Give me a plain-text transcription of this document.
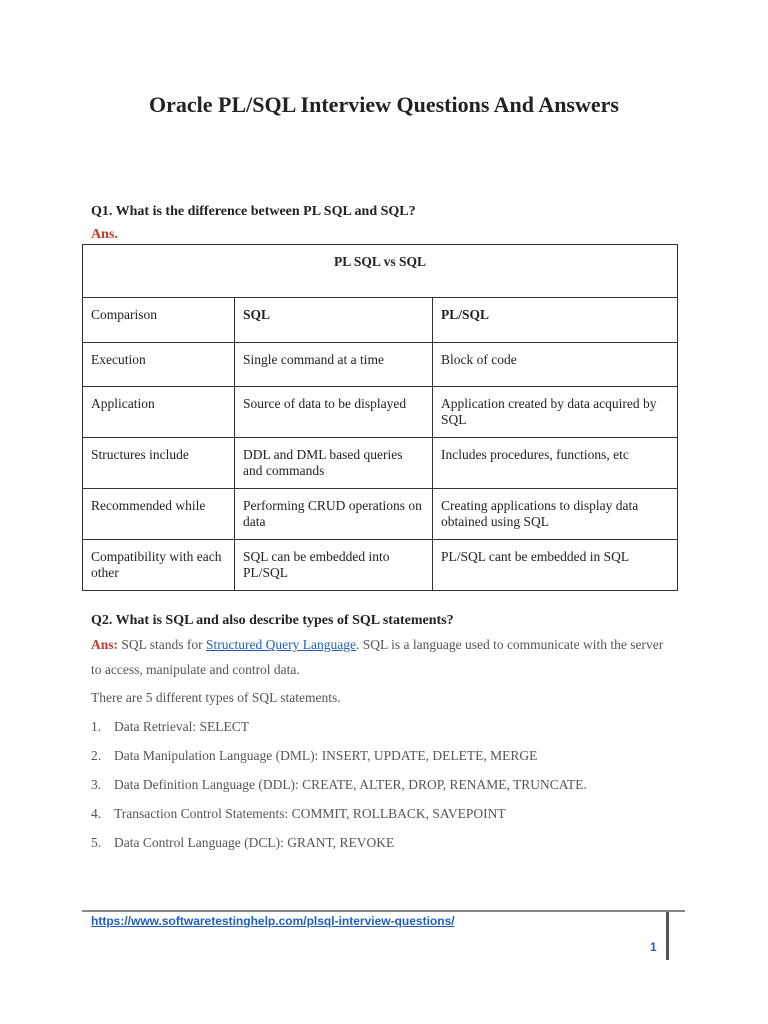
Oracle PL/SQL Interview Questions And Answers
Q1. What is the difference between PL SQL and SQL?
Ans.
PL SQL vs SQL		
Comparison	SQL	PL/SQL
Execution	Single command at a time	Block of code
Application	Source of data to be displayed	Application created by data acquired by SQL
Structures include	DDL and DML based queries and commands	Includes procedures, functions, etc
Recommended while	Performing CRUD operations on data	Creating applications to display data obtained using SQL
Compatibility with each other	SQL can be embedded into PL/SQL	PL/SQL cant be embedded in SQL
Q2. What is SQL and also describe types of SQL statements?
Ans: SQL stands for Structured Query Language. SQL is a language used to communicate with the server
to access, manipulate and control data.
There are 5 different types of SQL statements.
1. Data Retrieval: SELECT
2. Data Manipulation Language (DML): INSERT, UPDATE, DELETE, MERGE
3. Data Definition Language (DDL): CREATE, ALTER, DROP, RENAME, TRUNCATE.
4. Transaction Control Statements: COMMIT, ROLLBACK, SAVEPOINT
5. Data Control Language (DCL): GRANT, REVOKE
https://www.softwaretestinghelp.com/plsql-interview-questions/
1
